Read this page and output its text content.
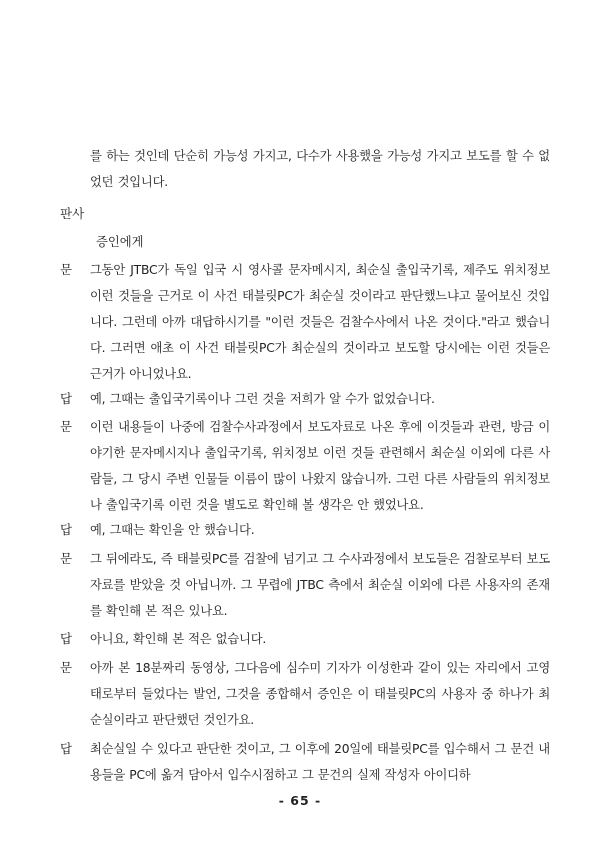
를 하는 것인데 단순히 가능성 가지고, 다수가 사용했을 가능성 가지고 보도를 할 수 없었던 것입니다.
판사
증인에게
문	그동안 JTBC가 독일 입국 시 영사콜 문자메시지, 최순실 출입국기록, 제주도 위치정보 이런 것들을 근거로 이 사건 태블릿PC가 최순실 것이라고 판단했느냐고 물어보신 것입니다. 그런데 아까 대답하시기를 "이런 것들은 검찰수사에서 나온 것이다."라고 했습니다. 그러면 애초 이 사건 태블릿PC가 최순실의 것이라고 보도할 당시에는 이런 것들은 근거가 아니었나요.
답	예, 그때는 출입국기록이나 그런 것을 저희가 알 수가 없었습니다.
문	이런 내용들이 나중에 검찰수사과정에서 보도자료로 나온 후에 이것들과 관련, 방금 이야기한 문자메시지나 출입국기록, 위치정보 이런 것들 관련해서 최순실 이외에 다른 사람들, 그 당시 주변 인물들 이름이 많이 나왔지 않습니까. 그런 다른 사람들의 위치정보나 출입국기록 이런 것을 별도로 확인해 볼 생각은 안 했었나요.
답	예, 그때는 확인을 안 했습니다.
문	그 뒤에라도, 즉 태블릿PC를 검찰에 넘기고 그 수사과정에서 보도들은 검찰로부터 보도자료를 받았을 것 아닙니까. 그 무렵에 JTBC 측에서 최순실 이외에 다른 사용자의 존재를 확인해 본 적은 있나요.
답	아니요, 확인해 본 적은 없습니다.
문	아까 본 18분짜리 동영상, 그다음에 심수미 기자가 이성한과 같이 있는 자리에서 고영태로부터 들었다는 발언, 그것을 종합해서 증인은 이 태블릿PC의 사용자 중 하나가 최순실이라고 판단했던 것인가요.
답	최순실일 수 있다고 판단한 것이고, 그 이후에 20일에 태블릿PC를 입수해서 그 문건 내용들을 PC에 옮겨 담아서 입수시점하고 그 문건의 실제 작성자 아이디하
- 65 -
